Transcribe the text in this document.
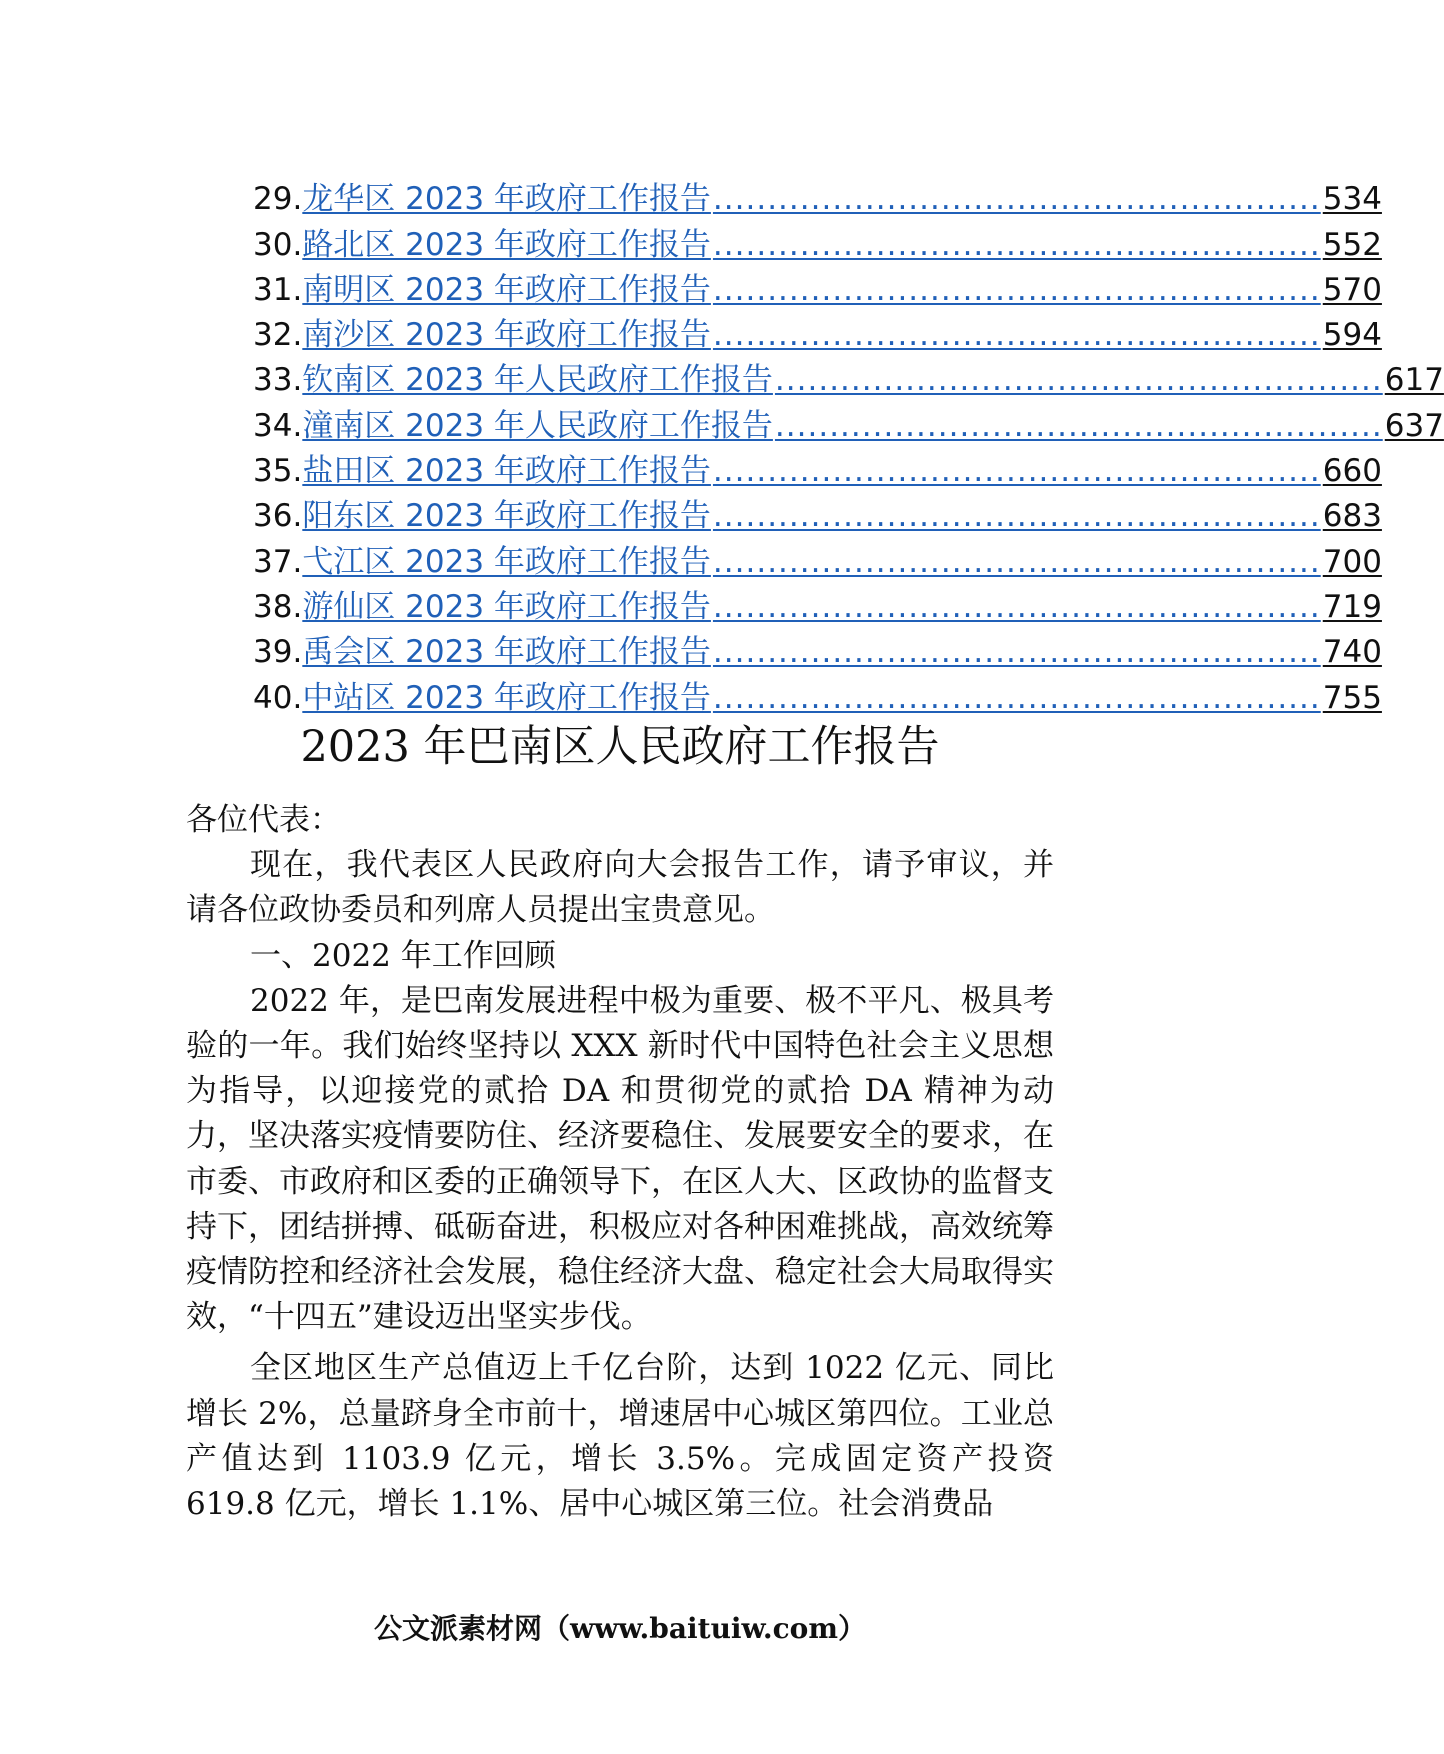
29. 龙华区 2023 年政府工作报告 ........................................................ 534
30. 路北区 2023 年政府工作报告 ........................................................ 552
31. 南明区 2023 年政府工作报告 ........................................................ 570
32. 南沙区 2023 年政府工作报告 ........................................................ 594
33. 钦南区 2023 年人民政府工作报告 ........................................................ 617
34. 潼南区 2023 年人民政府工作报告 ........................................................ 637
35. 盐田区 2023 年政府工作报告 ........................................................ 660
36. 阳东区 2023 年政府工作报告 ........................................................ 683
37. 弋江区 2023 年政府工作报告 ........................................................ 700
38. 游仙区 2023 年政府工作报告 ........................................................ 719
39. 禹会区 2023 年政府工作报告 ........................................................ 740
40. 中站区 2023 年政府工作报告 ........................................................ 755
2023 年巴南区人民政府工作报告

各位代表：

现在，我代表区人民政府向大会报告工作，请予审议，并请各位政协委员和列席人员提出宝贵意见。

一、2022 年工作回顾

2022 年，是巴南发展进程中极为重要、极不平凡、极具考验的一年。我们始终坚持以 XXX 新时代中国特色社会主义思想为指导，以迎接党的贰拾 DA 和贯彻党的贰拾 DA 精神为动力，坚决落实疫情要防住、经济要稳住、发展要安全的要求，在市委、市政府和区委的正确领导下，在区人大、区政协的监督支持下，团结拼搏、砥砺奋进，积极应对各种困难挑战，高效统筹疫情防控和经济社会发展，稳住经济大盘、稳定社会大局取得实效，“十四五”建设迈出坚实步伐。

全区地区生产总值迈上千亿台阶，达到 1022 亿元、同比增长 2%，总量跻身全市前十，增速居中心城区第四位。工业总产值达到 1103.9 亿元，增长 3.5%。完成固定资产投资 619.8 亿元，增长 1.1%、居中心城区第三位。社会消费品

公文派素材网（www.baituiw.com）
